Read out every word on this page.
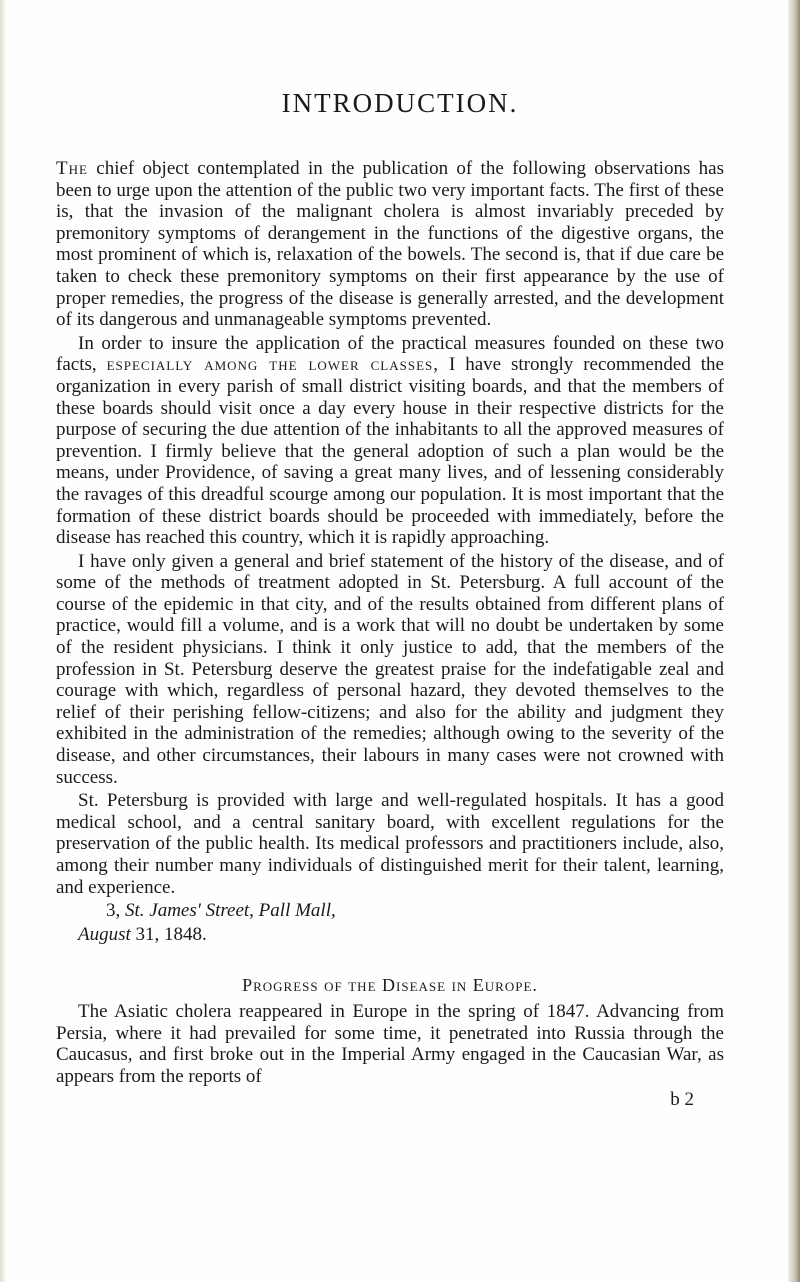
INTRODUCTION.

The chief object contemplated in the publication of the following observations has been to urge upon the attention of the public two very important facts. The first of these is, that the invasion of the malignant cholera is almost invariably preceded by premonitory symptoms of derangement in the functions of the digestive organs, the most prominent of which is, relaxation of the bowels. The second is, that if due care be taken to check these premonitory symptoms on their first appearance by the use of proper remedies, the progress of the disease is generally arrested, and the development of its dangerous and unmanageable symptoms prevented.

In order to insure the application of the practical measures founded on these two facts, especially among the lower classes, I have strongly recommended the organization in every parish of small district visiting boards, and that the members of these boards should visit once a day every house in their respective districts for the purpose of securing the due attention of the inhabitants to all the approved measures of prevention. I firmly believe that the general adoption of such a plan would be the means, under Providence, of saving a great many lives, and of lessening considerably the ravages of this dreadful scourge among our population. It is most important that the formation of these district boards should be proceeded with immediately, before the disease has reached this country, which it is rapidly approaching.

I have only given a general and brief statement of the history of the disease, and of some of the methods of treatment adopted in St. Petersburg. A full account of the course of the epidemic in that city, and of the results obtained from different plans of practice, would fill a volume, and is a work that will no doubt be undertaken by some of the resident physicians. I think it only justice to add, that the members of the profession in St. Petersburg deserve the greatest praise for the indefatigable zeal and courage with which, regardless of personal hazard, they devoted themselves to the relief of their perishing fellow-citizens; and also for the ability and judgment they exhibited in the administration of the remedies; although owing to the severity of the disease, and other circumstances, their labours in many cases were not crowned with success.

St. Petersburg is provided with large and well-regulated hospitals. It has a good medical school, and a central sanitary board, with excellent regulations for the preservation of the public health. Its medical professors and practitioners include, also, among their number many individuals of distinguished merit for their talent, learning, and experience.

3, St. James' Street, Pall Mall,

August 31, 1848.

Progress of the Disease in Europe.

The Asiatic cholera reappeared in Europe in the spring of 1847. Advancing from Persia, where it had prevailed for some time, it penetrated into Russia through the Caucasus, and first broke out in the Imperial Army engaged in the Caucasian War, as appears from the reports of

b 2
